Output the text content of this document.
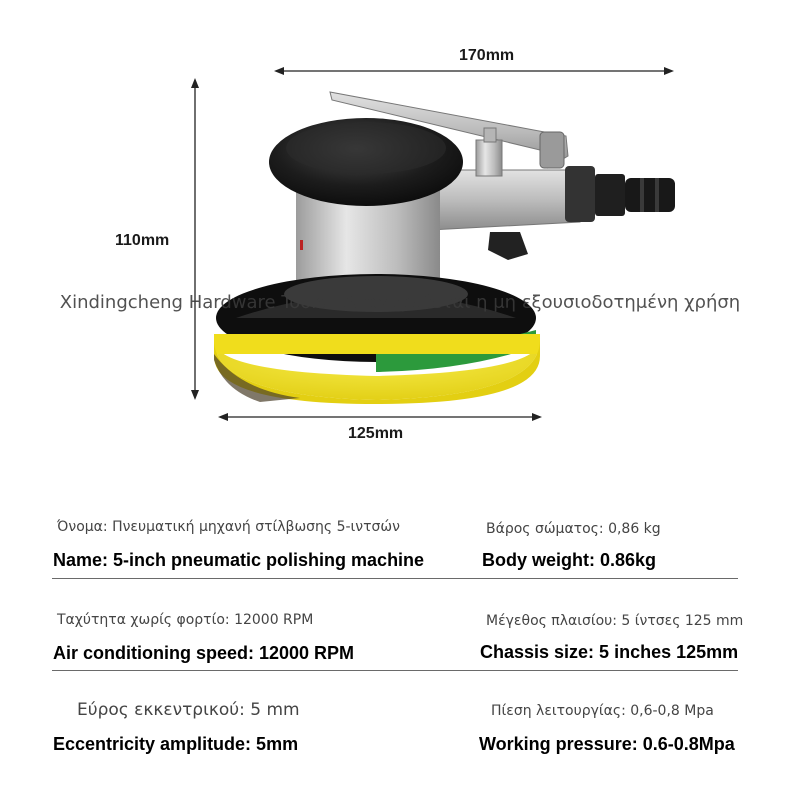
▬
170mm
110mm
125mm
Xindingcheng Hardware Tools - Απαγορεύεται η μη εξουσιοδοτημένη χρήση
Όνομα: Πνευματική μηχανή στίλβωσης 5-ιντσών
Name: 5-inch pneumatic polishing machine
Βάρος σώματος: 0,86 kg
Body weight: 0.86kg
Ταχύτητα χωρίς φορτίο: 12000 RPM
Air conditioning speed: 12000 RPM
Μέγεθος πλαισίου: 5 ίντσες 125 mm
Chassis size: 5 inches 125mm
Εύρος εκκεντρικού: 5 mm
Eccentricity amplitude: 5mm
Πίεση λειτουργίας: 0,6-0,8 Mpa
Working pressure: 0.6-0.8Mpa
